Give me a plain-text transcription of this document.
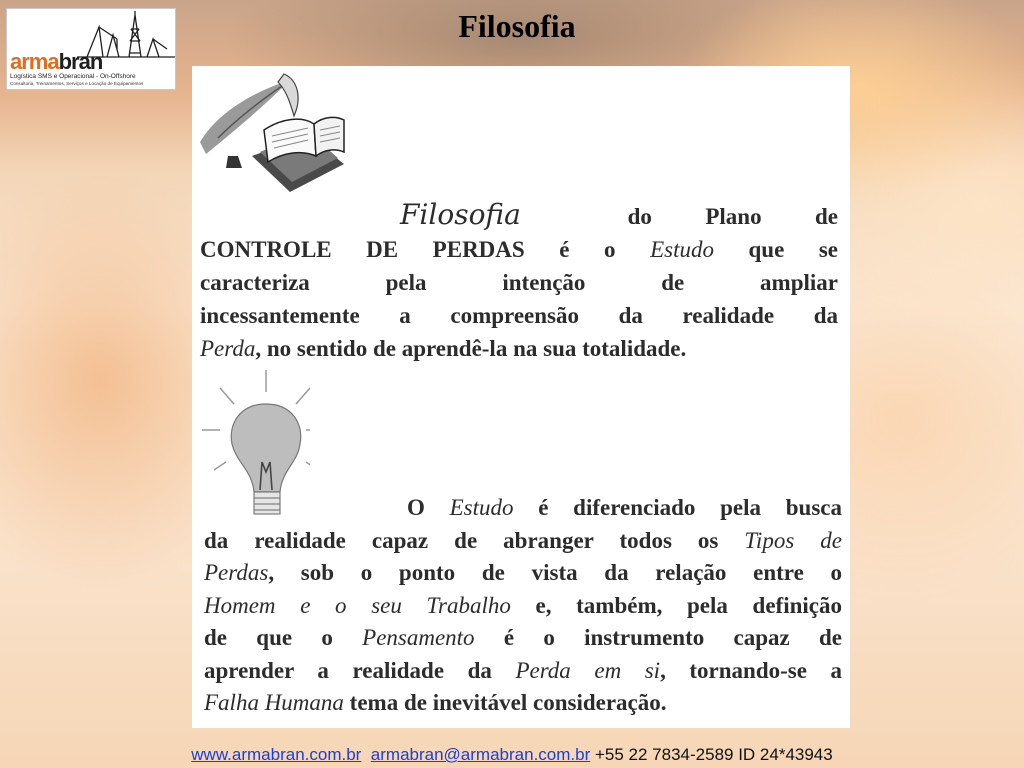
armabran
Logística SMS e Operacional - On-Offshore
Consultoria, Treinamentos, Serviços e Locação de Equipamentos
Filosofia
Filosofia	do Plano de
CONTROLE DE PERDAS é o Estudo que se
caracteriza pela intenção de ampliar
incessantemente a compreensão da realidade da
Perda, no sentido de aprendê-la na sua totalidade.
O Estudo é diferenciado pela busca
da realidade capaz de abranger todos os Tipos de
Perdas, sob o ponto de vista da relação entre o
Homem e o seu Trabalho e, também, pela definição
de que o Pensamento é o instrumento capaz de
aprender a realidade da Perda em si, tornando-se a
Falha Humana tema de inevitável consideração.
www.armabran.com.br armabran@armabran.com.br +55 22 7834-2589 ID 24*43943
